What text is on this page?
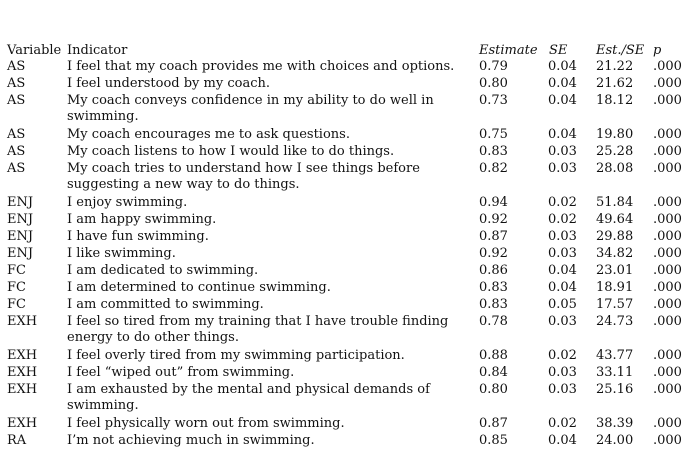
Variable Indicator	Estimate SE Est./SE p
AS	I feel that my coach provides me with choices and options.	0.79	0.04 21.22 .000
AS	I feel understood by my coach.	0.80	0.04 21.62 .000
AS	My coach conveys confidence in my ability to do well in swimming.
0.73	0.04 18.12 .000
AS	My coach encourages me to ask questions.	0.75	0.04 19.80 .000
AS	My coach listens to how I would like to do things.	0.83	0.03 25.28 .000
AS	My coach tries to understand how I see things before suggesting a new way to do things.
0.82	0.03 28.08 .000
ENJ	I enjoy swimming.	0.94	0.02 51.84 .000
ENJ	I am happy swimming.	0.92	0.02 49.64 .000
ENJ	I have fun swimming.	0.87	0.03 29.88 .000
ENJ	I like swimming.	0.92	0.03 34.82 .000
FC	I am dedicated to swimming.	0.86	0.04 23.01 .000
FC	I am determined to continue swimming.	0.83	0.04 18.91 .000
FC	I am committed to swimming.	0.83	0.05 17.57 .000
EXH I feel so tired from my training that I have trouble finding energy to do other things.
0.78	0.03 24.73 .000
EXH I feel overly tired from my swimming participation.	0.88	0.02 43.77 .000
EXH I feel “wiped out” from swimming.	0.84	0.03 33.11 .000
EXH I am exhausted by the mental and physical demands of swimming.
0.80	0.03 25.16 .000
EXH I feel physically worn out from swimming.	0.87	0.02 38.39 .000
RA	I’m not achieving much in swimming.	0.85	0.04 24.00 .000
